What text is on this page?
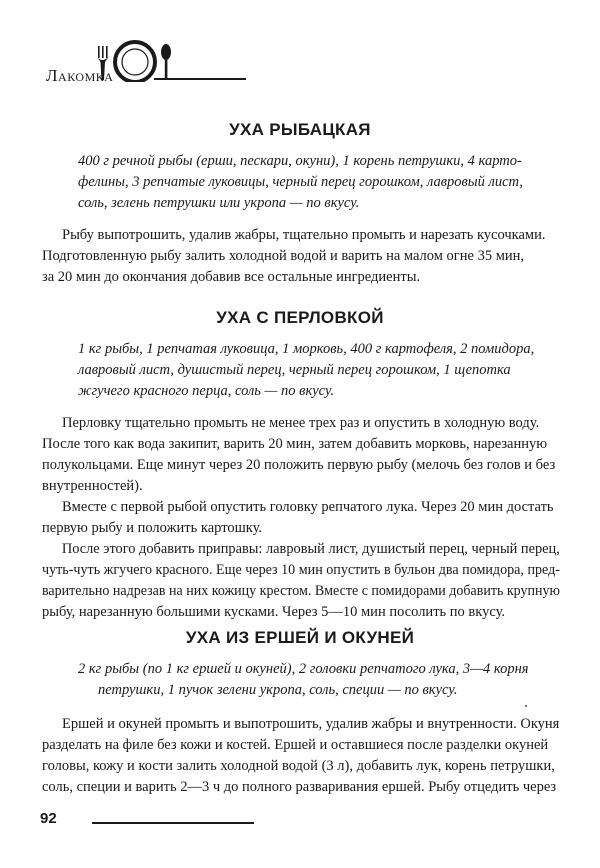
Лакомка
УХА РЫБАЦКАЯ
400 г речной рыбы (ерши, пескари, окуни), 1 корень петрушки, 4 карто-
фелины, 3 репчатые луковицы, черный перец горошком, лавровый лист,
соль, зелень петрушки или укропа — по вкусу.
Рыбу выпотрошить, удалив жабры, тщательно промыть и нарезать кусочками.
Подготовленную рыбу залить холодной водой и варить на малом огне 35 мин,
за 20 мин до окончания добавив все остальные ингредиенты.
УХА С ПЕРЛОВКОЙ
1 кг рыбы, 1 репчатая луковица, 1 морковь, 400 г картофеля, 2 помидора,
лавровый лист, душистый перец, черный перец горошком, 1 щепотка
жгучего красного перца, соль — по вкусу.
Перловку тщательно промыть не менее трех раз и опустить в холодную воду.
После того как вода закипит, варить 20 мин, затем добавить морковь, нарезанную
полукольцами. Еще минут через 20 положить первую рыбу (мелочь без голов и без
внутренностей).
Вместе с первой рыбой опустить головку репчатого лука. Через 20 мин достать
первую рыбу и положить картошку.
После этого добавить приправы: лавровый лист, душистый перец, черный перец,
чуть-чуть жгучего красного. Еще через 10 мин опустить в бульон два помидора, пред-
варительно надрезав на них кожицу крестом. Вместе с помидорами добавить крупную
рыбу, нарезанную большими кусками. Через 5—10 мин посолить по вкусу.
УХА ИЗ ЕРШЕЙ И ОКУНЕЙ
2 кг рыбы (по 1 кг ершей и окуней), 2 головки репчатого лука, 3—4 корня
петрушки, 1 пучок зелени укропа, соль, специи — по вкусу.
Ершей и окуней промыть и выпотрошить, удалив жабры и внутренности. Окуня
разделать на филе без кожи и костей. Ершей и оставшиеся после разделки окуней
головы, кожу и кости залить холодной водой (3 л), добавить лук, корень петрушки,
соль, специи и варить 2—3 ч до полного разваривания ершей. Рыбу отцедить через
92
